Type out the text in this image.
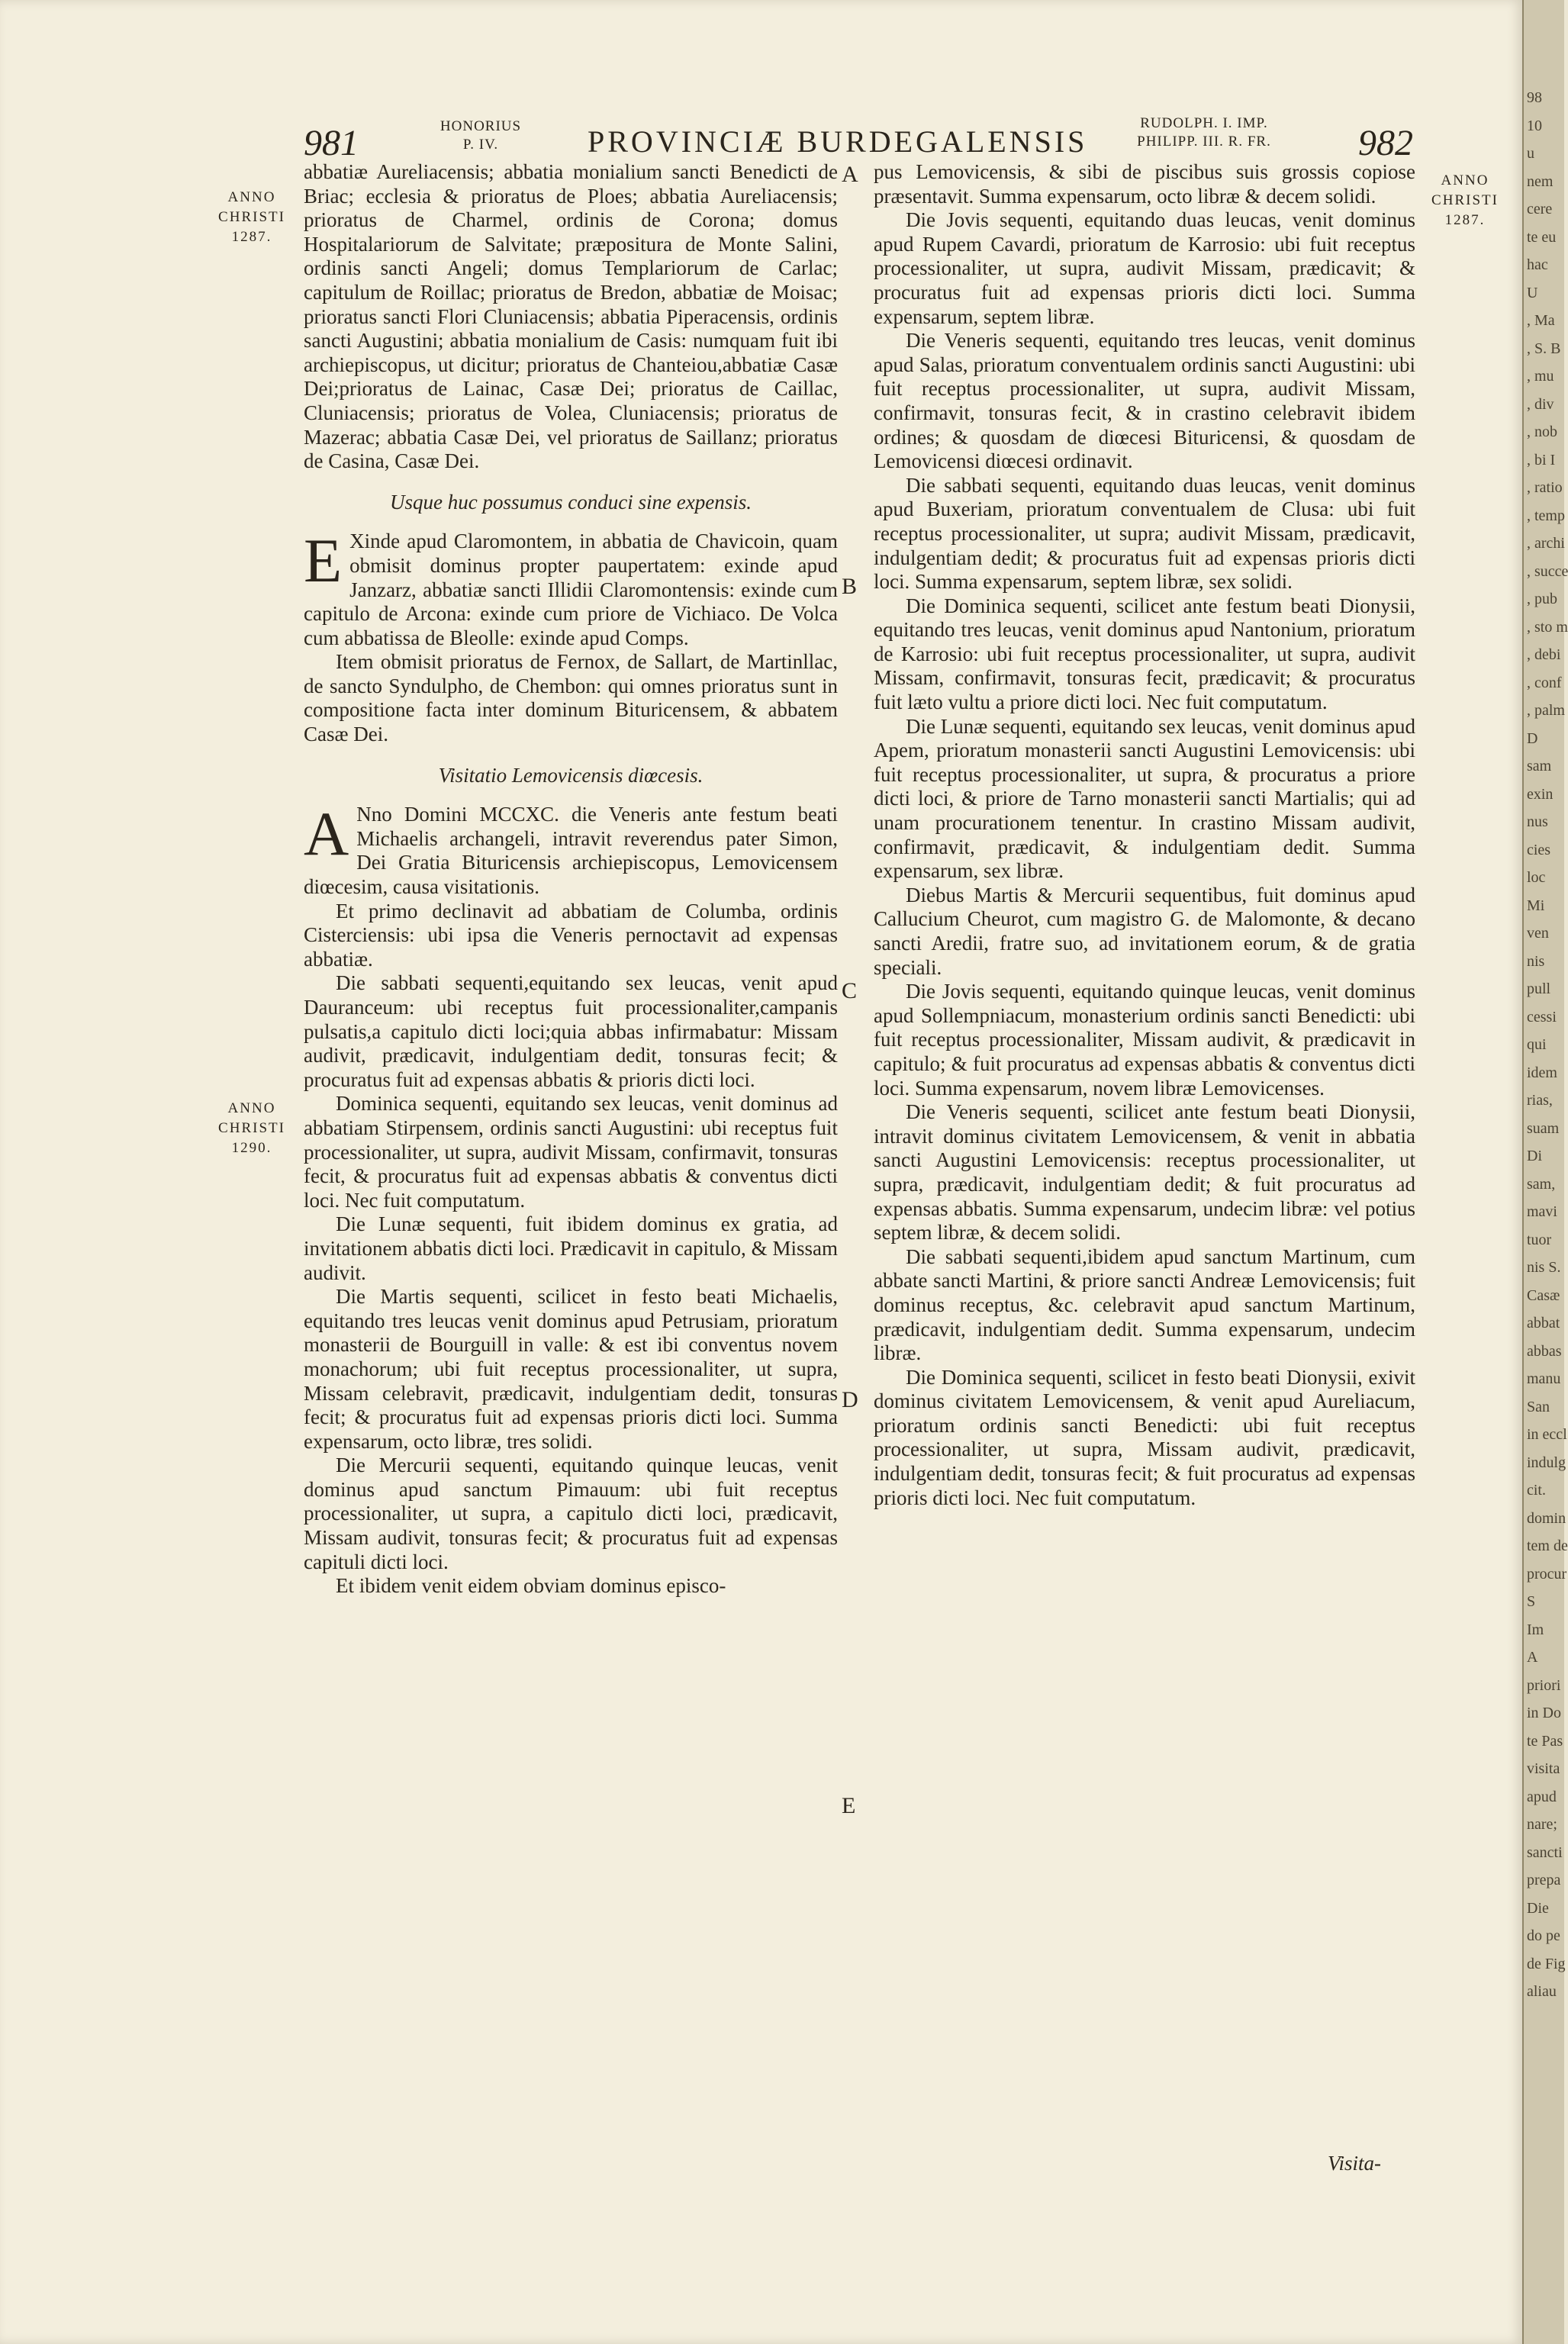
981	HONORIUS
P. IV.	PROVINCIÆ BURDEGALENSIS
RUDOLPH. I. IMP.
PHILIPP. III. R. FR.	982
ANNO
CHRISTI
1287.
ANNO
CHRISTI
1290.
ANNO
CHRISTI
1287.
A
B
C
D
E

abbatiæ Aureliacensis; abbatia monialium sancti Benedicti de Briac; ecclesia & prioratus de Ploes; abbatia Aureliacensis; prioratus de Charmel, ordinis de Corona; domus Hospitalariorum de Salvitate; præpositura de Monte Salini, ordinis sancti Angeli; domus Templariorum de Carlac; capitulum de Roillac; prioratus de Bredon, abbatiæ de Moisac; prioratus sancti Flori Cluniacensis; abbatia Piperacensis, ordinis sancti Augustini; abbatia monialium de Casis: numquam fuit ibi archiepiscopus, ut dicitur; prioratus de Chanteiou,abbatiæ Casæ Dei;prioratus de Lainac, Casæ Dei; prioratus de Caillac, Cluniacensis; prioratus de Volea, Cluniacensis; prioratus de Mazerac; abbatia Casæ Dei, vel prioratus de Saillanz; prioratus de Casina, Casæ Dei.

Usque huc possumus conduci sine expensis.

E Xinde apud Claromontem, in abbatia de Chavicoin, quam obmisit dominus propter paupertatem: exinde apud Janzarz, abbatiæ sancti Illidii Claromontensis: exinde cum capitulo de Arcona: exinde cum priore de Vichiaco. De Volca cum abbatissa de Bleolle: exinde apud Comps.

Item obmisit prioratus de Fernox, de Sallart, de Martinllac, de sancto Syndulpho, de Chembon: qui omnes prioratus sunt in compositione facta inter dominum Bituricensem, & abbatem Casæ Dei.

Visitatio Lemovicensis diœcesis.

A Nno Domini MCCXC. die Veneris ante festum beati Michaelis archangeli, intravit reverendus pater Simon, Dei Gratia Bituricensis archiepiscopus, Lemovicensem diœcesim, causa visitationis.

Et primo declinavit ad abbatiam de Columba, ordinis Cisterciensis: ubi ipsa die Veneris pernoctavit ad expensas abbatiæ.

Die sabbati sequenti,equitando sex leucas, venit apud Dauranceum: ubi receptus fuit processionaliter,campanis pulsatis,a capitulo dicti loci;quia abbas infirmabatur: Missam audivit, prædicavit, indulgentiam dedit, tonsuras fecit; & procuratus fuit ad expensas abbatis & prioris dicti loci.

Dominica sequenti, equitando sex leucas, venit dominus ad abbatiam Stirpensem, ordinis sancti Augustini: ubi receptus fuit processionaliter, ut supra, audivit Missam, confirmavit, tonsuras fecit, & procuratus fuit ad expensas abbatis & conventus dicti loci. Nec fuit computatum.

Die Lunæ sequenti, fuit ibidem dominus ex gratia, ad invitationem abbatis dicti loci. Prædicavit in capitulo, & Missam audivit.

Die Martis sequenti, scilicet in festo beati Michaelis, equitando tres leucas venit dominus apud Petrusiam, prioratum monasterii de Bourguill in valle: & est ibi conventus novem monachorum; ubi fuit receptus processionaliter, ut supra, Missam celebravit, prædicavit, indulgentiam dedit, tonsuras fecit; & procuratus fuit ad expensas prioris dicti loci. Summa expensarum, octo libræ, tres solidi.

Die Mercurii sequenti, equitando quinque leucas, venit dominus apud sanctum Pimauum: ubi fuit receptus processionaliter, ut supra, a capitulo dicti loci, prædicavit, Missam audivit, tonsuras fecit; & procuratus fuit ad expensas capituli dicti loci.

Et ibidem venit eidem obviam dominus episco-

pus Lemovicensis, & sibi de piscibus suis grossis copiose præsentavit. Summa expensarum, octo libræ & decem solidi.

Die Jovis sequenti, equitando duas leucas, venit dominus apud Rupem Cavardi, prioratum de Karrosio: ubi fuit receptus processionaliter, ut supra, audivit Missam, prædicavit; & procuratus fuit ad expensas prioris dicti loci. Summa expensarum, septem libræ.

Die Veneris sequenti, equitando tres leucas, venit dominus apud Salas, prioratum conventualem ordinis sancti Augustini: ubi fuit receptus processionaliter, ut supra, audivit Missam, confirmavit, tonsuras fecit, & in crastino celebravit ibidem ordines; & quosdam de diœcesi Bituricensi, & quosdam de Lemovicensi diœcesi ordinavit.

Die sabbati sequenti, equitando duas leucas, venit dominus apud Buxeriam, prioratum conventualem de Clusa: ubi fuit receptus processionaliter, ut supra; audivit Missam, prædicavit, indulgentiam dedit; & procuratus fuit ad expensas prioris dicti loci. Summa expensarum, septem libræ, sex solidi.

Die Dominica sequenti, scilicet ante festum beati Dionysii, equitando tres leucas, venit dominus apud Nantonium, prioratum de Karrosio: ubi fuit receptus processionaliter, ut supra, audivit Missam, confirmavit, tonsuras fecit, prædicavit; & procuratus fuit læto vultu a priore dicti loci. Nec fuit computatum.

Die Lunæ sequenti, equitando sex leucas, venit dominus apud Apem, prioratum monasterii sancti Augustini Lemovicensis: ubi fuit receptus processionaliter, ut supra, & procuratus a priore dicti loci, & priore de Tarno monasterii sancti Martialis; qui ad unam procurationem tenentur. In crastino Missam audivit, confirmavit, prædicavit, & indulgentiam dedit. Summa expensarum, sex libræ.

Diebus Martis & Mercurii sequentibus, fuit dominus apud Callucium Cheurot, cum magistro G. de Malomonte, & decano sancti Aredii, fratre suo, ad invitationem eorum, & de gratia speciali.

Die Jovis sequenti, equitando quinque leucas, venit dominus apud Sollempniacum, monasterium ordinis sancti Benedicti: ubi fuit receptus processionaliter, Missam audivit, & prædicavit in capitulo; & fuit procuratus ad expensas abbatis & conventus dicti loci. Summa expensarum, novem libræ Lemovicenses.

Die Veneris sequenti, scilicet ante festum beati Dionysii, intravit dominus civitatem Lemovicensem, & venit in abbatia sancti Augustini Lemovicensis: receptus processionaliter, ut supra, prædicavit, indulgentiam dedit; & fuit procuratus ad expensas abbatis. Summa expensarum, undecim libræ: vel potius septem libræ, & decem solidi.

Die sabbati sequenti,ibidem apud sanctum Martinum, cum abbate sancti Martini, & priore sancti Andreæ Lemovicensis; fuit dominus receptus, &c. celebravit apud sanctum Martinum, prædicavit, indulgentiam dedit. Summa expensarum, undecim libræ.

Die Dominica sequenti, scilicet in festo beati Dionysii, exivit dominus civitatem Lemovicensem, & venit apud Aureliacum, prioratum ordinis sancti Benedicti: ubi fuit receptus processionaliter, ut supra, Missam audivit, prædicavit, indulgentiam dedit, tonsuras fecit; & fuit procuratus ad expensas prioris dicti loci. Nec fuit computatum.

Visita-
98
10
u
nem
cere
te eu
hac
U
, Ma
, S. B
, mu
, div
, nob
, bi I
, ratio
, temp
, archi
, succe
, pub
, sto m
, debi
, conf
, palm
D
sam
exin
nus
cies
loc
Mi
ven
nis
pull
cessi
qui
idem
rias,
suam
Di
sam,
mavi
tuor
nis S.
Casæ
abbat
abbas
manu
San
in eccl
indulg
cit.
domin
tem de
procur
S
Im
A
priori
in Do
te Pas
visita
apud
nare;
sancti
prepa
Die
do pe
de Fig
aliau
